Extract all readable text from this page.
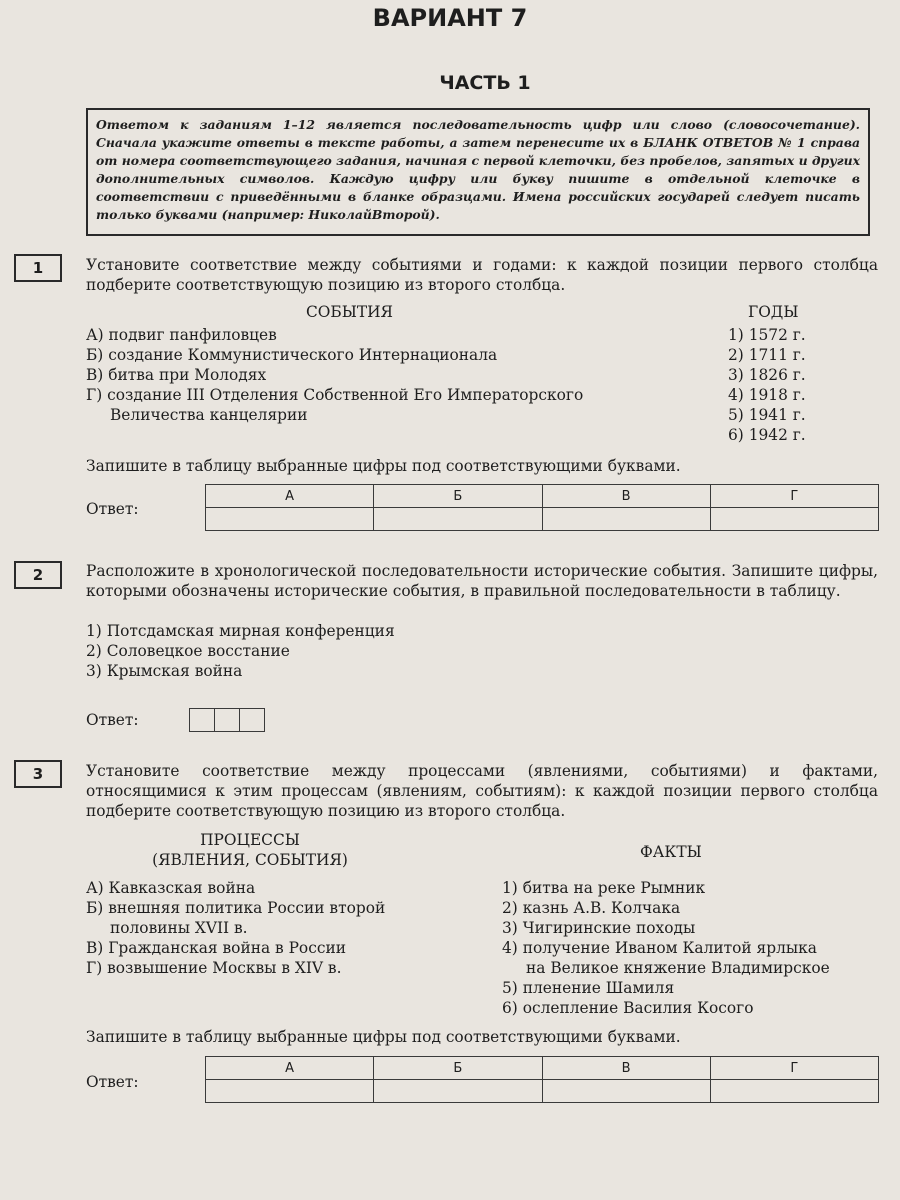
ВАРИАНТ 7
ЧАСТЬ 1
Ответом к заданиям 1–12 является последовательность цифр или слово (словосочетание). Сначала укажите ответы в тексте работы, а затем перенесите их в БЛАНК ОТВЕТОВ № 1 справа от номера соответствующего задания, начиная с первой клеточки, без пробелов, запятых и других дополнительных символов. Каждую цифру или букву пишите в отдельной клеточке в соответствии с приведёнными в бланке образцами. Имена российских государей следует писать только буквами (например: НиколайВторой).
1	Установите соответствие между событиями и годами: к каждой позиции первого столбца подберите соответствующую позицию из второго столбца.
СОБЫТИЯ	ГОДЫ
А) подвиг панфиловцев
Б) создание Коммунистического Интернационала
В) битва при Молодях
Г) создание III Отделения Собственной Его Императорского
Величества канцелярии
1) 1572 г.
2) 1711 г.
3) 1826 г.
4) 1918 г.
5) 1941 г.
6) 1942 г.
Запишите в таблицу выбранные цифры под соответствующими буквами.
Ответ:
А	Б	В	Г

2	Расположите в хронологической последовательности исторические события. Запишите цифры, которыми обозначены исторические события, в правильной последовательности в таблицу.
1) Потсдамская мирная конференция
2) Соловецкое восстание
3) Крымская война
Ответ:

3	Установите соответствие между процессами (явлениями, событиями) и фактами, относящимися к этим процессам (явлениям, событиям): к каждой позиции первого столбца подберите соответствующую позицию из второго столбца.
ПРОЦЕССЫ
(ЯВЛЕНИЯ, СОБЫТИЯ)	ФАКТЫ
А) Кавказская война
Б) внешняя политика России второй
половины XVII в.
В) Гражданская война в России
Г) возвышение Москвы в XIV в.
1) битва на реке Рымник
2) казнь А.В. Колчака
3) Чигиринские походы
4) получение Иваном Калитой ярлыка
на Великое княжение Владимирское
5) пленение Шамиля
6) ослепление Василия Косого
Запишите в таблицу выбранные цифры под соответствующими буквами.
Ответ:
А	Б	В	Г
